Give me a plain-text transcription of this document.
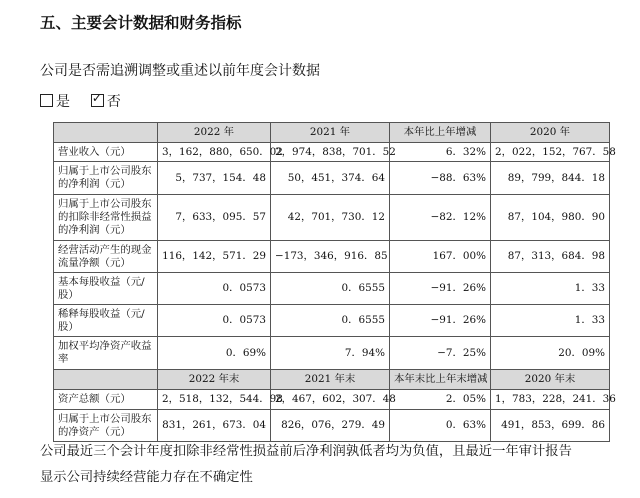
五、主要会计数据和财务指标
公司是否需追溯调整或重述以前年度会计数据
是 ✓	否
	2022 年	2021 年	本年比上年增减	2020 年
营业收入（元）	3，162，880，650．02	2，974，838，701．52	6．32%	2，022，152，767．58
归属于上市公司股东的净利润（元）	5，737，154．48	50，451，374．64	−88．63%	89，799，844．18
归属于上市公司股东的扣除非经常性损益的净利润（元）	7，633，095．57	42，701，730．12	−82．12%	87，104，980．90
经营活动产生的现金流量净额（元）	116，142，571．29	−173，346，916．85	167．00%	87，313，684．98
基本每股收益（元/股）	0．0573	0．6555	−91．26%	1．33
稀释每股收益（元/股）	0．0573	0．6555	−91．26%	1．33
加权平均净资产收益率	0．69%	7．94%	−7．25%	20．09%
	2022 年末	2021 年末	本年末比上年末增减	2020 年末
资产总额（元）	2，518，132，544．98	2，467，602，307．48	2．05%	1，783，228，241．36
归属于上市公司股东的净资产（元）	831，261，673．04	826，076，279．49	0．63%	491，853，699．86
公司最近三个会计年度扣除非经常性损益前后净利润孰低者均为负值，且最近一年审计报告
显示公司持续经营能力存在不确定性
